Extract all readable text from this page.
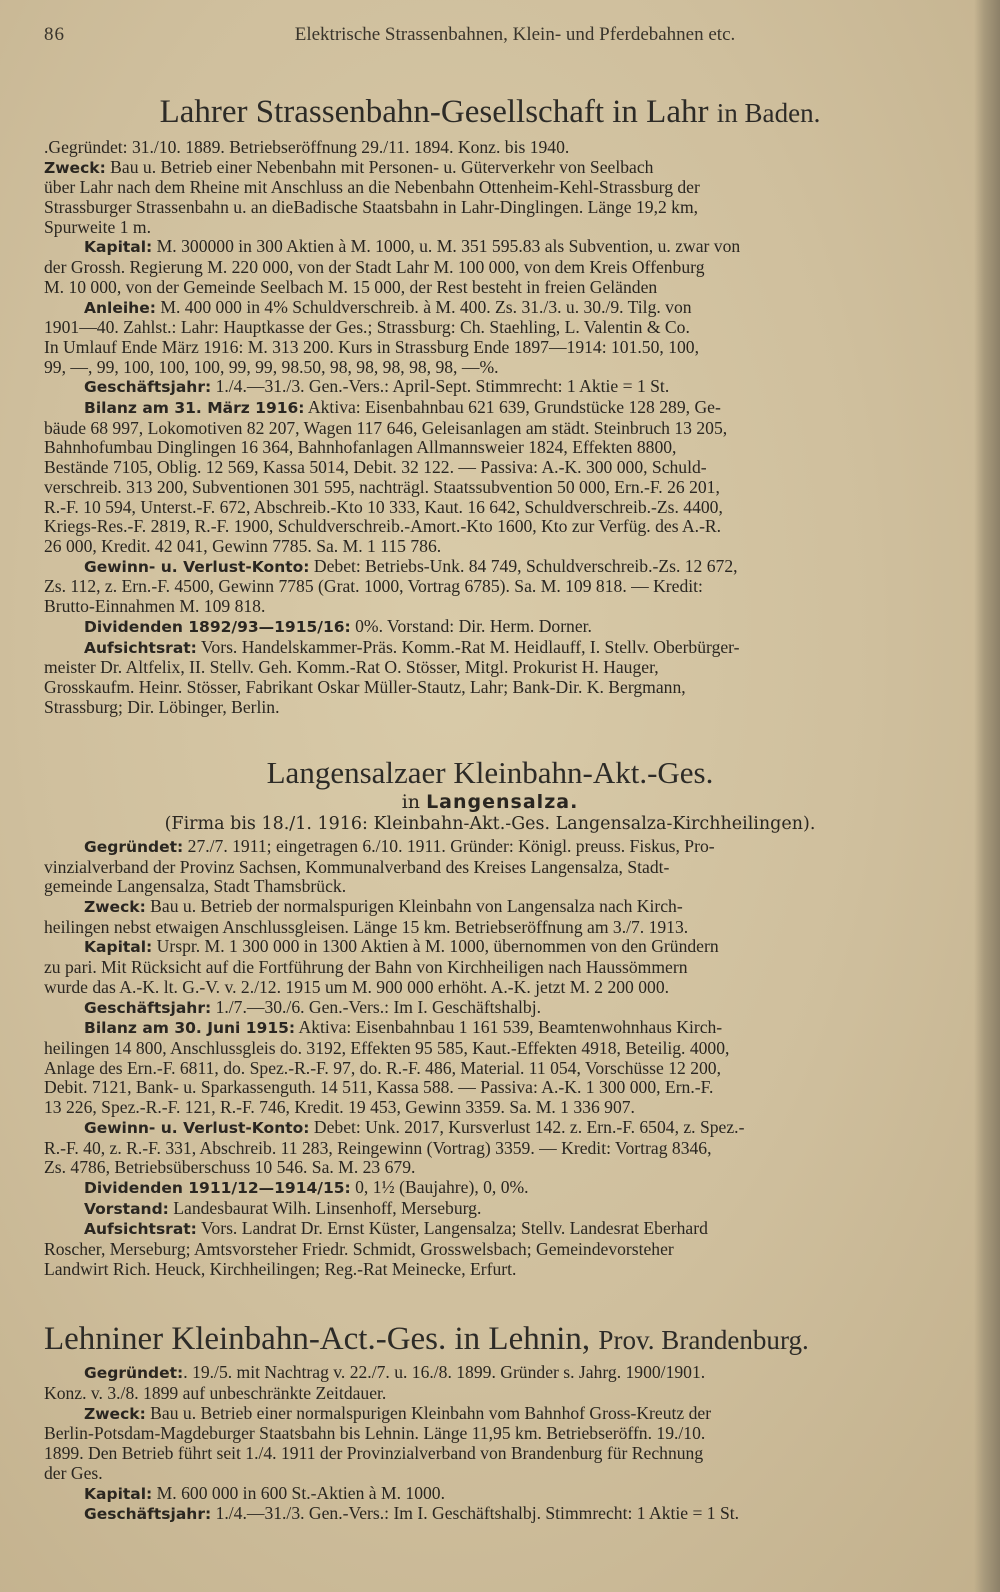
86	Elektrische Strassenbahnen, Klein- und Pferdebahnen etc.
Lahrer Strassenbahn-Gesellschaft in Lahr in Baden.

.Gegründet: 31./10. 1889. Betriebseröffnung 29./11. 1894. Konz. bis 1940.

Zweck: Bau u. Betrieb einer Nebenbahn mit Personen- u. Güterverkehr von Seelbach

über Lahr nach dem Rheine mit Anschluss an die Nebenbahn Ottenheim-Kehl-Strassburg der

Strassburger Strassenbahn u. an dieBadische Staatsbahn in Lahr-Dinglingen. Länge 19,2 km,

Spurweite 1 m.

Kapital: M. 300000 in 300 Aktien à M. 1000, u. M. 351 595.83 als Subvention, u. zwar von

der Grossh. Regierung M. 220 000, von der Stadt Lahr M. 100 000, von dem Kreis Offenburg

M. 10 000, von der Gemeinde Seelbach M. 15 000, der Rest besteht in freien Geländen

Anleihe: M. 400 000 in 4% Schuldverschreib. à M. 400. Zs. 31./3. u. 30./9. Tilg. von

1901—40. Zahlst.: Lahr: Hauptkasse der Ges.; Strassburg: Ch. Staehling, L. Valentin & Co.

In Umlauf Ende März 1916: M. 313 200. Kurs in Strassburg Ende 1897—1914: 101.50, 100,

99, —, 99, 100, 100, 100, 99, 99, 98.50, 98, 98, 98, 98, 98, —%.

Geschäftsjahr: 1./4.—31./3. Gen.-Vers.: April-Sept. Stimmrecht: 1 Aktie = 1 St.

Bilanz am 31. März 1916: Aktiva: Eisenbahnbau 621 639, Grundstücke 128 289, Ge-

bäude 68 997, Lokomotiven 82 207, Wagen 117 646, Geleisanlagen am städt. Steinbruch 13 205,

Bahnhofumbau Dinglingen 16 364, Bahnhofanlagen Allmannsweier 1824, Effekten 8800,

Bestände 7105, Oblig. 12 569, Kassa 5014, Debit. 32 122. — Passiva: A.-K. 300 000, Schuld-

verschreib. 313 200, Subventionen 301 595, nachträgl. Staatssubvention 50 000, Ern.-F. 26 201,

R.-F. 10 594, Unterst.-F. 672, Abschreib.-Kto 10 333, Kaut. 16 642, Schuldverschreib.-Zs. 4400,

Kriegs-Res.-F. 2819, R.-F. 1900, Schuldverschreib.-Amort.-Kto 1600, Kto zur Verfüg. des A.-R.

26 000, Kredit. 42 041, Gewinn 7785. Sa. M. 1 115 786.

Gewinn- u. Verlust-Konto: Debet: Betriebs-Unk. 84 749, Schuldverschreib.-Zs. 12 672,

Zs. 112, z. Ern.-F. 4500, Gewinn 7785 (Grat. 1000, Vortrag 6785). Sa. M. 109 818. — Kredit:

Brutto-Einnahmen M. 109 818.

Dividenden 1892/93—1915/16: 0%. Vorstand: Dir. Herm. Dorner.

Aufsichtsrat: Vors. Handelskammer-Präs. Komm.-Rat M. Heidlauff, I. Stellv. Oberbürger-

meister Dr. Altfelix, II. Stellv. Geh. Komm.-Rat O. Stösser, Mitgl. Prokurist H. Hauger,

Grosskaufm. Heinr. Stösser, Fabrikant Oskar Müller-Stautz, Lahr; Bank-Dir. K. Bergmann,

Strassburg; Dir. Löbinger, Berlin.

Langensalzaer Kleinbahn-Akt.-Ges.
in Langensalza.
(Firma bis 18./1. 1916: Kleinbahn-Akt.-Ges. Langensalza-Kirchheilingen).

Gegründet: 27./7. 1911; eingetragen 6./10. 1911. Gründer: Königl. preuss. Fiskus, Pro-

vinzialverband der Provinz Sachsen, Kommunalverband des Kreises Langensalza, Stadt-

gemeinde Langensalza, Stadt Thamsbrück.

Zweck: Bau u. Betrieb der normalspurigen Kleinbahn von Langensalza nach Kirch-

heilingen nebst etwaigen Anschlussgleisen. Länge 15 km. Betriebseröffnung am 3./7. 1913.

Kapital: Urspr. M. 1 300 000 in 1300 Aktien à M. 1000, übernommen von den Gründern

zu pari. Mit Rücksicht auf die Fortführung der Bahn von Kirchheiligen nach Haussömmern

wurde das A.-K. lt. G.-V. v. 2./12. 1915 um M. 900 000 erhöht. A.-K. jetzt M. 2 200 000.

Geschäftsjahr: 1./7.—30./6. Gen.-Vers.: Im I. Geschäftshalbj.

Bilanz am 30. Juni 1915: Aktiva: Eisenbahnbau 1 161 539, Beamtenwohnhaus Kirch-

heilingen 14 800, Anschlussgleis do. 3192, Effekten 95 585, Kaut.-Effekten 4918, Beteilig. 4000,

Anlage des Ern.-F. 6811, do. Spez.-R.-F. 97, do. R.-F. 486, Material. 11 054, Vorschüsse 12 200,

Debit. 7121, Bank- u. Sparkassenguth. 14 511, Kassa 588. — Passiva: A.-K. 1 300 000, Ern.-F.

13 226, Spez.-R.-F. 121, R.-F. 746, Kredit. 19 453, Gewinn 3359. Sa. M. 1 336 907.

Gewinn- u. Verlust-Konto: Debet: Unk. 2017, Kursverlust 142. z. Ern.-F. 6504, z. Spez.-

R.-F. 40, z. R.-F. 331, Abschreib. 11 283, Reingewinn (Vortrag) 3359. — Kredit: Vortrag 8346,

Zs. 4786, Betriebsüberschuss 10 546. Sa. M. 23 679.

Dividenden 1911/12—1914/15: 0, 1½ (Baujahre), 0, 0%.

Vorstand: Landesbaurat Wilh. Linsenhoff, Merseburg.

Aufsichtsrat: Vors. Landrat Dr. Ernst Küster, Langensalza; Stellv. Landesrat Eberhard

Roscher, Merseburg; Amtsvorsteher Friedr. Schmidt, Grosswelsbach; Gemeindevorsteher

Landwirt Rich. Heuck, Kirchheilingen; Reg.-Rat Meinecke, Erfurt.

Lehniner Kleinbahn-Act.-Ges. in Lehnin, Prov. Brandenburg.

Gegründet:. 19./5. mit Nachtrag v. 22./7. u. 16./8. 1899. Gründer s. Jahrg. 1900/1901.

Konz. v. 3./8. 1899 auf unbeschränkte Zeitdauer.

Zweck: Bau u. Betrieb einer normalspurigen Kleinbahn vom Bahnhof Gross-Kreutz der

Berlin-Potsdam-Magdeburger Staatsbahn bis Lehnin. Länge 11,95 km. Betriebseröffn. 19./10.

1899. Den Betrieb führt seit 1./4. 1911 der Provinzialverband von Brandenburg für Rechnung

der Ges.

Kapital: M. 600 000 in 600 St.-Aktien à M. 1000.

Geschäftsjahr: 1./4.—31./3. Gen.-Vers.: Im I. Geschäftshalbj. Stimmrecht: 1 Aktie = 1 St.
